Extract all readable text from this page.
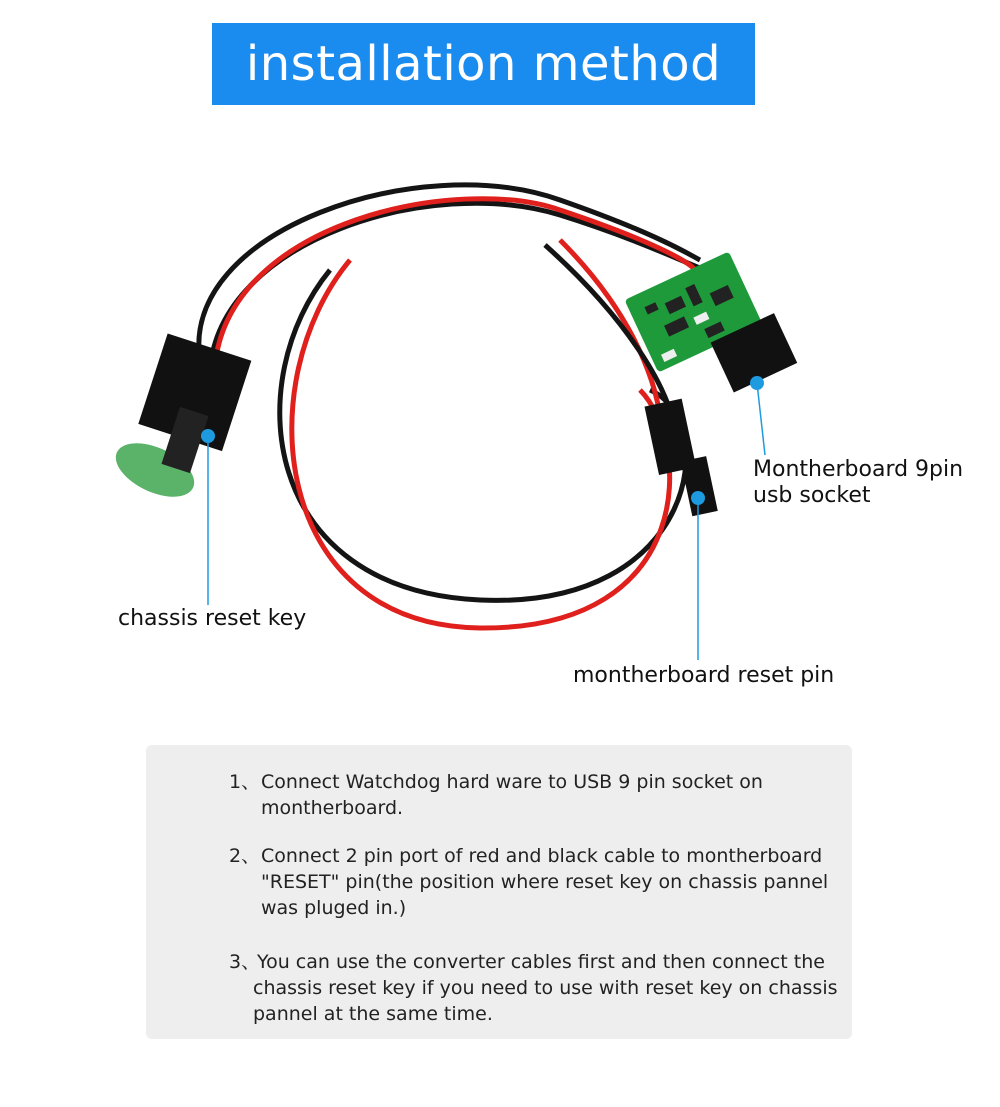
installation method
Montherboard 9pin
usb socket
chassis reset key
montherboard reset pin
1、 Connect Watchdog hard ware to USB 9 pin socket on
montherboard.
2、 Connect 2 pin port of red and black cable to montherboard
"RESET" pin(the position where reset key on chassis pannel
was pluged in.)
3、
You can use the converter cables first and then connect the
chassis reset key if you need to use with reset key on chassis
pannel at the same time.
